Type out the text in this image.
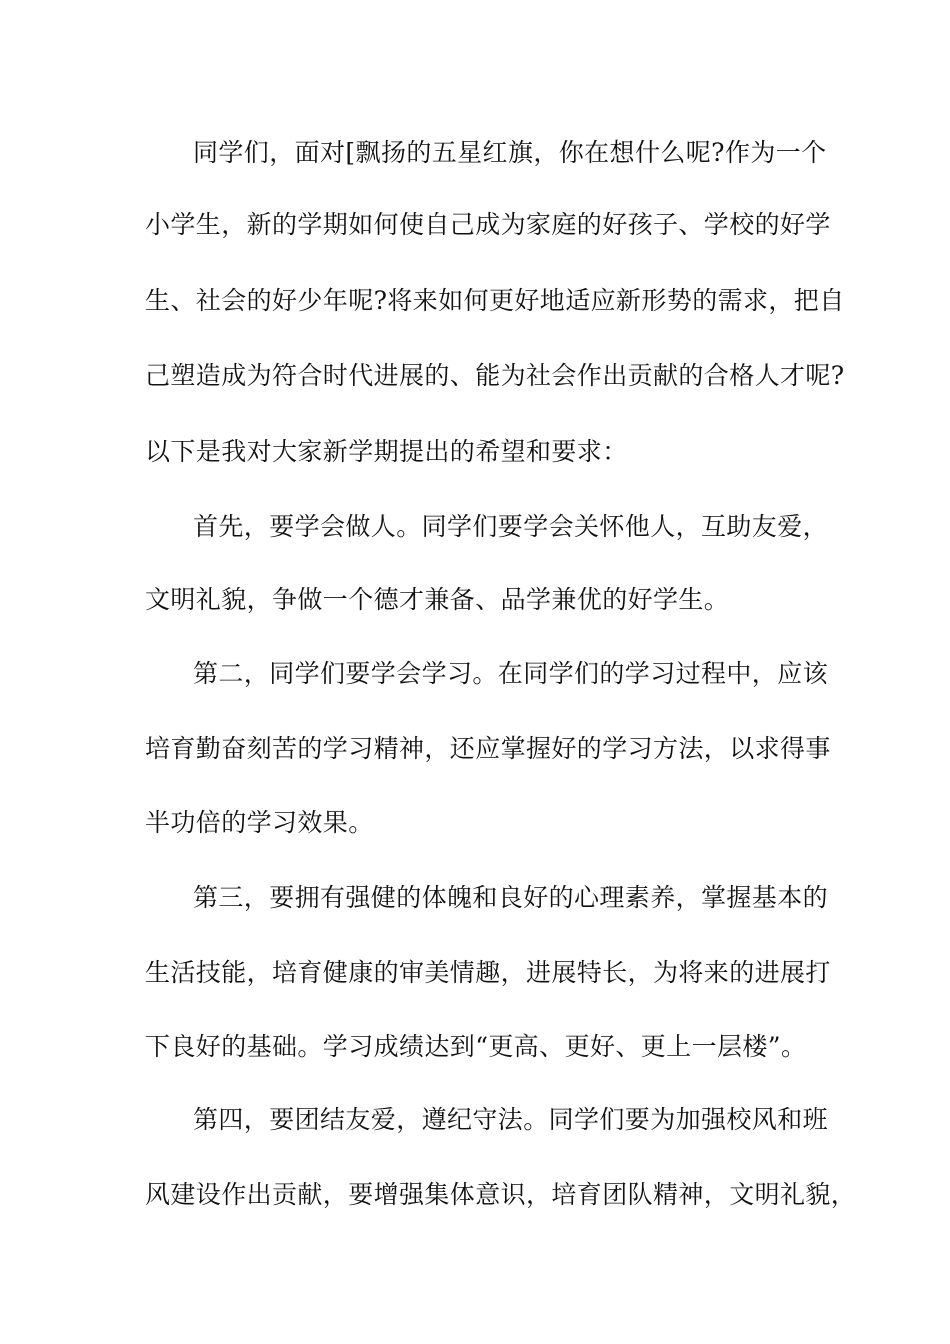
同学们，面对[飘扬的五星红旗，你在想什么呢?作为一个
小学生，新的学期如何使自己成为家庭的好孩子、学校的好学
生、社会的好少年呢?将来如何更好地适应新形势的需求，把自
己塑造成为符合时代进展的、能为社会作出贡献的合格人才呢?
以下是我对大家新学期提出的希望和要求：
首先，要学会做人。同学们要学会关怀他人，互助友爱，
文明礼貌，争做一个德才兼备、品学兼优的好学生。
第二，同学们要学会学习。在同学们的学习过程中，应该
培育勤奋刻苦的学习精神，还应掌握好的学习方法，以求得事
半功倍的学习效果。
第三，要拥有强健的体魄和良好的心理素养，掌握基本的
生活技能，培育健康的审美情趣，进展特长，为将来的进展打
下良好的基础。学习成绩达到“更高、更好、更上一层楼”。
第四，要团结友爱，遵纪守法。同学们要为加强校风和班
风建设作出贡献，要增强集体意识，培育团队精神，文明礼貌，
